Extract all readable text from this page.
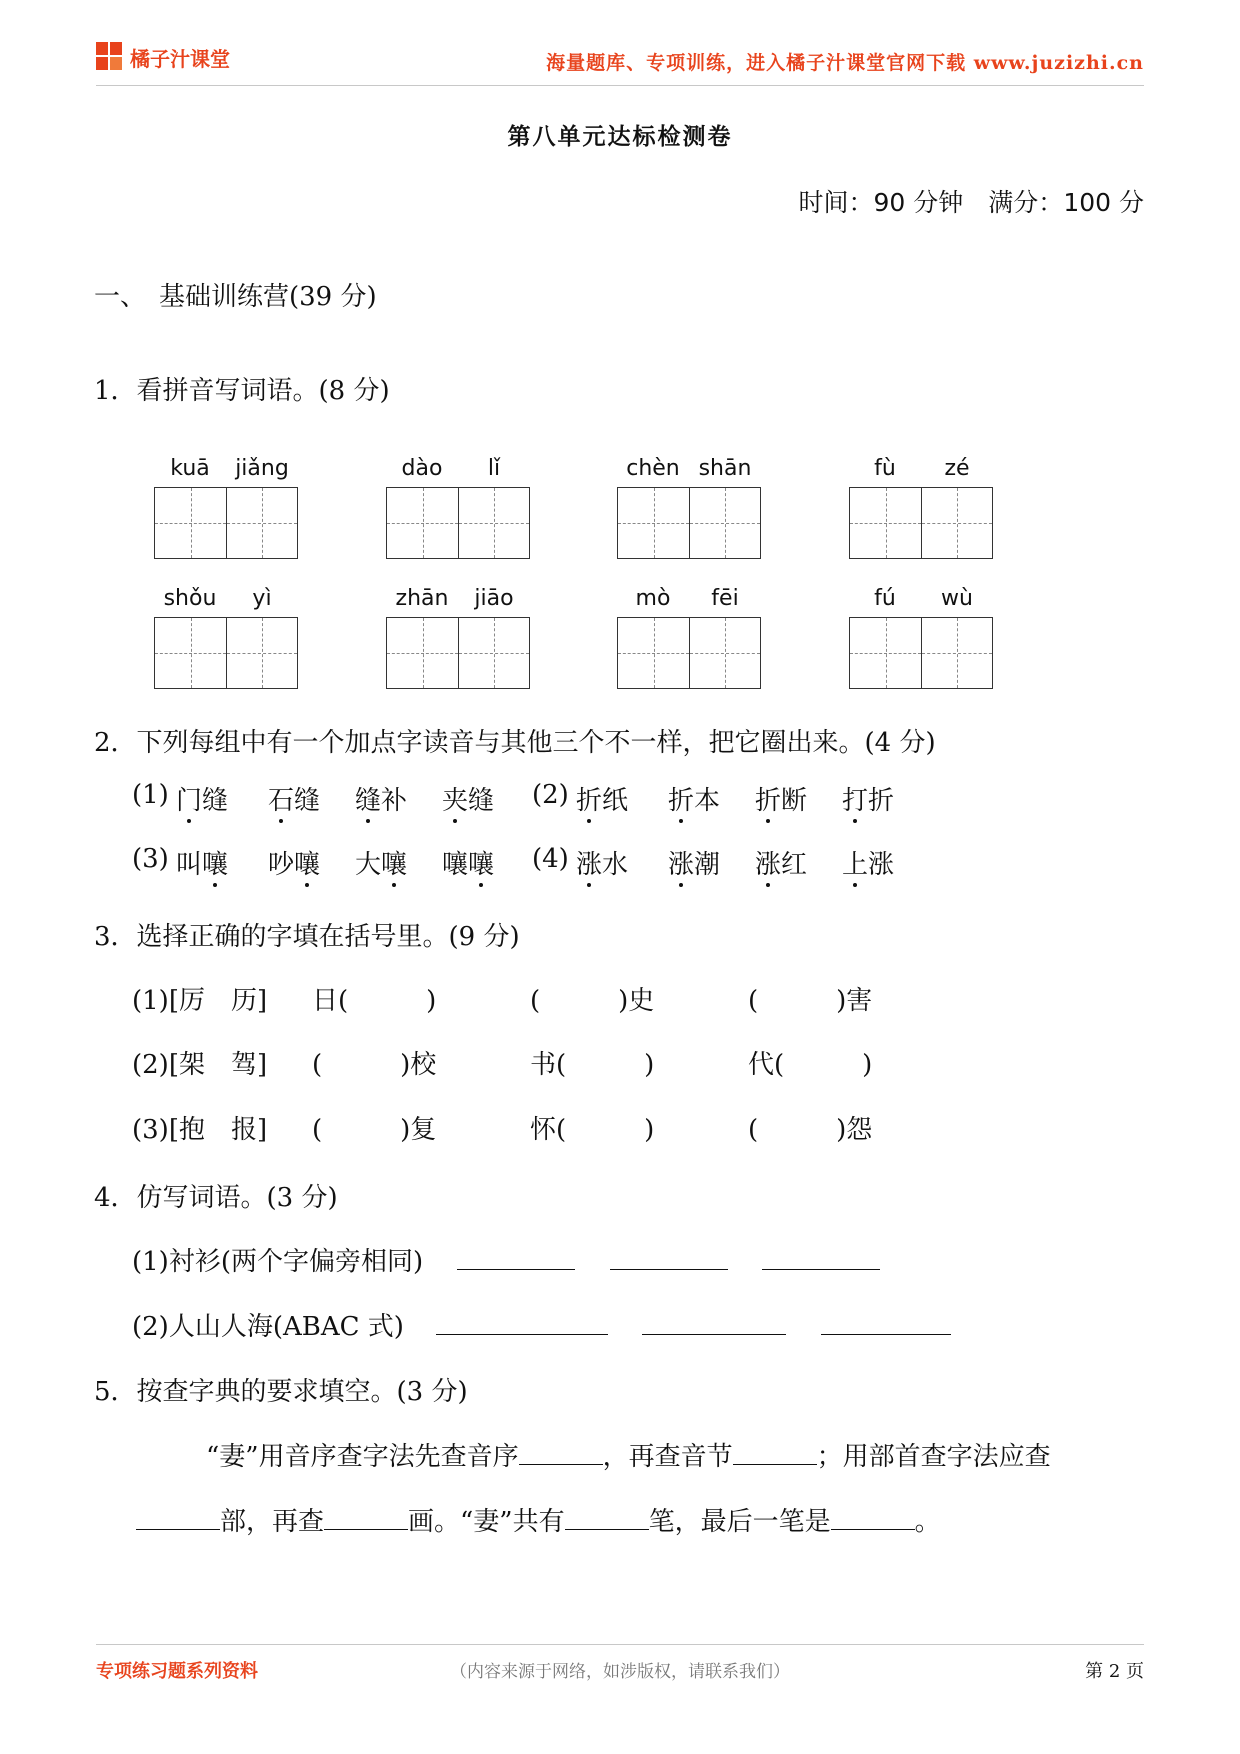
橘子汁课堂	海量题库、专项训练，进入橘子汁课堂官网下载 www.juzizhi.cn
第八单元达标检测卷
时间：90 分钟　 满分：100 分
一、　基础训练营(39 分)
1．看拼音写词语。(8 分)
kuā	jiǎng	dào	lǐ	chèn shān	fù	zé
shǒu	yì	zhān	jiāo	mò	fēi	fú	wù
2．下列每组中有一个加点字读音与其他三个不一样，把它圈出来。(4 分)
(1) 门缝 石缝 缝补 夹缝 (2) 折纸 折本 折断 打折
(3) 叫嚷 吵嚷 大嚷 嚷嚷 (4) 涨水 涨潮 涨红 上涨
3．选择正确的字填在括号里。(9 分)
(1)[厉　历] 日(　　　)	(　　　)史	(　　　)害
(2)[架　驾] (　　　)校	书(　　　)	代(　　　)
(3)[抱　报] (　　　)复	怀(　　　)	(　　　)怨
4．仿写词语。(3 分)
(1)衬衫(两个字偏旁相同)
(2)人山人海(ABAC 式)
5．按查字典的要求填空。(3 分)
“妻”用音序查字法先查音序	，再查音节	；用部首查字法应查
部，再查	画。“妻”共有	笔，最后一笔是	。
专项练习题系列资料	（内容来源于网络，如涉版权，请联系我们）	第 2 页
